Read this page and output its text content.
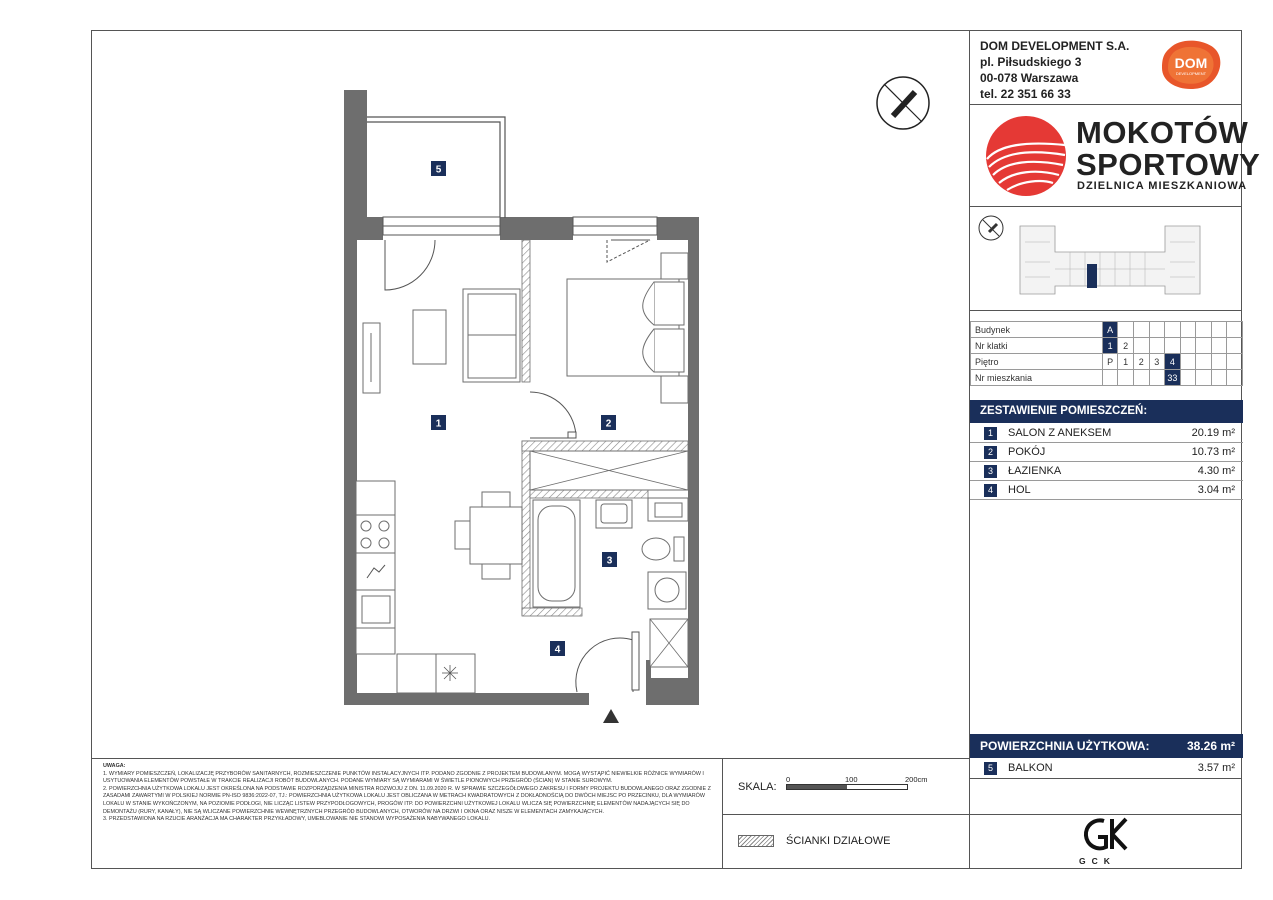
DOM DEVELOPMENT S.A.
pl. Piłsudskiego 3
00-078 Warszawa
tel. 22 351 66 33
DOM
DEVELOPMENT
MOKOTÓW
SPORTOWY
DZIELNICA MIESZKANIOWA
Budynek	A								
Nr klatki	1	2							
Piętro	P	1	2	3	4				
Nr mieszkania					33				
ZESTAWIENIE POMIESZCZEŃ:
1	SALON Z ANEKSEM	20.19 m²
2	POKÓJ	10.73 m²
3	ŁAZIENKA	4.30 m²
4	HOL	3.04 m²
POWIERZCHNIA UŻYTKOWA:	38.26 m²
5	BALKON	3.57 m²
5
1	2
3
4
UWAGA:
1. WYMIARY POMIESZCZEŃ, LOKALIZACJĘ PRZYBORÓW SANITARNYCH, ROZMIESZCZENIE PUNKTÓW INSTALACYJNYCH ITP. PODANO ZGODNIE Z PROJEKTEM BUDOWLANYM. MOGĄ WYSTĄPIĆ NIEWIELKIE RÓŻNICE WYMIARÓW I USYTUOWANIA ELEMENTÓW POWSTAŁE W TRAKCIE REALIZACJI ROBÓT BUDOWLANYCH. PODANE WYMIARY SĄ WYMIARAMI W ŚWIETLE PIONOWYCH PRZEGRÓD (ŚCIAN) W STANIE SUROWYM.
2. POWIERZCHNIA UŻYTKOWA LOKALU JEST OKREŚLONA NA PODSTAWIE ROZPORZĄDZENIA MINISTRA ROZWOJU Z DN. 11.09.2020 R. W SPRAWIE SZCZEGÓŁOWEGO ZAKRESU I FORMY PROJEKTU BUDOWLANEGO ORAZ ZGODNIE Z ZASADAMI ZAWARTYMI W POLSKIEJ NORMIE PN-ISO 9836:2022-07, TJ.: POWIERZCHNIA UŻYTKOWA LOKALU JEST OBLICZANA W METRACH KWADRATOWYCH Z DOKŁADNOŚCIĄ DO DWÓCH MIEJSC PO PRZECINKU, DLA WYMIARÓW LOKALU W STANIE WYKOŃCZONYM, NA POZIOMIE PODŁOGI, NIE LICZĄC LISTEW PRZYPODŁOGOWYCH, PROGÓW ITP. DO POWIERZCHNI UŻYTKOWEJ LOKALU WLICZA SIĘ POWIERZCHNIĘ ELEMENTÓW NADAJĄCYCH SIĘ DO DEMONTAŻU (RURY, KANAŁY), NIE SĄ WLICZANE POWIERZCHNIE WEWNĘTRZNYCH PRZEGRÓD BUDOWLANYCH, OTWORÓW NA DRZWI I OKNA ORAZ NISZE W ELEMENTACH ZAMYKAJĄCYCH.
3. PRZEDSTAWIONA NA RZUCIE ARANŻACJA MA CHARAKTER PRZYKŁADOWY, UMEBLOWANIE NIE STANOWI WYPOSAŻENIA NABYWANEGO LOKALU.
SKALA:
0	100	200cm
ŚCIANKI DZIAŁOWE
GCK
